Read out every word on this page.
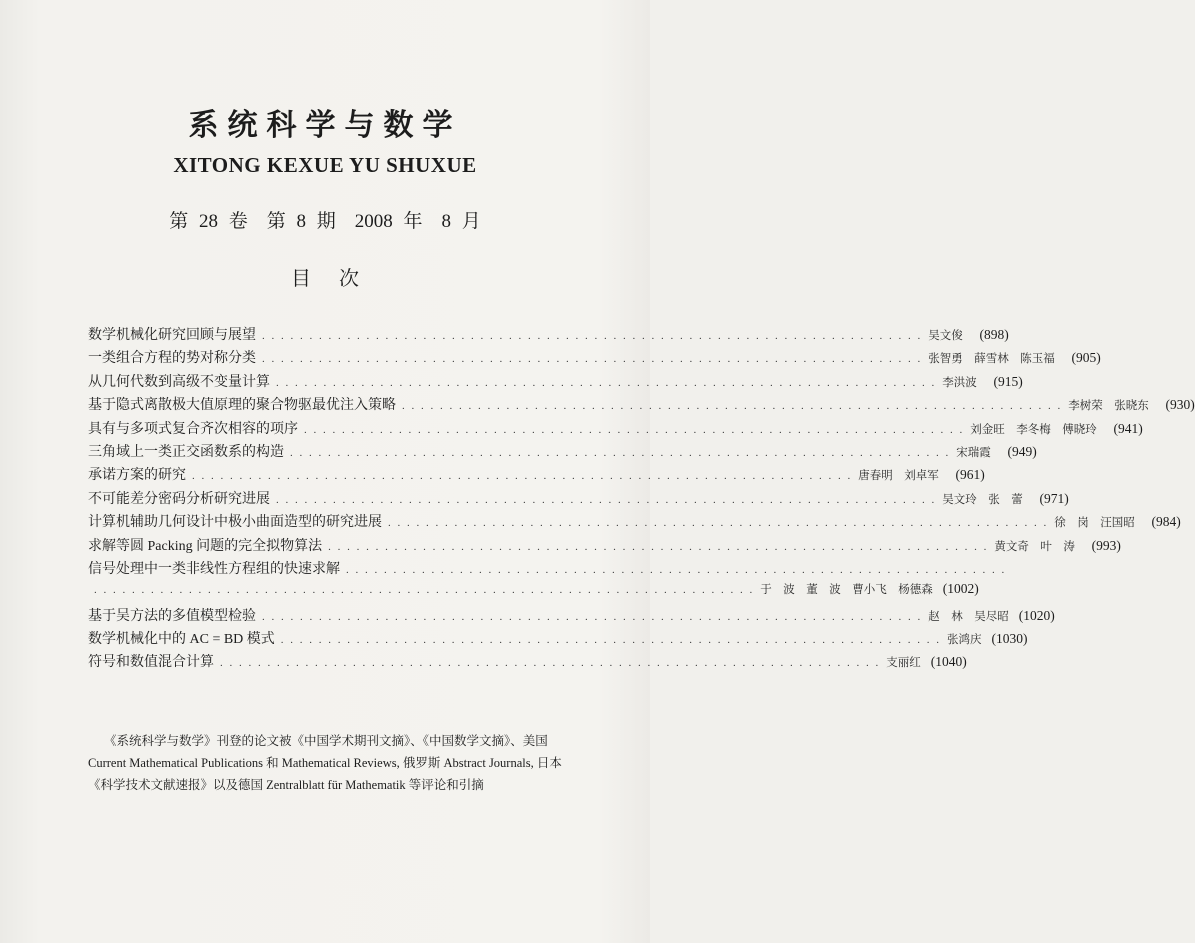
系统科学与数学
XITONG KEXUE YU SHUXUE
第 28 卷　第 8 期　2008 年　8 月
目次
数学机械化研究回顾与展望 . . . . . . . . . . . . . . . . . . . . . . . . . . . . . . . . . . . . . . . . . . . . . . . . . . . . . . . . . . . . . . . . . . . . . . 吴文俊	(898)
一类组合方程的势对称分类 . . . . . . . . . . . . . . . . . . . . . . . . . . . . . . . . . . . . . . . . . . . . . . . . . . . . . . . . . . . . . . . . . . . . . . 张智勇　薛雪林　陈玉福	(905)
从几何代数到高级不变量计算 . . . . . . . . . . . . . . . . . . . . . . . . . . . . . . . . . . . . . . . . . . . . . . . . . . . . . . . . . . . . . . . . . . . . . . 李洪波	(915)
基于隐式离散极大值原理的聚合物驱最优注入策略 . . . . . . . . . . . . . . . . . . . . . . . . . . . . . . . . . . . . . . . . . . . . . . . . . . . . . . . . . . . . . . . . . . . . . . 李树荣　张晓东	(930)
具有与多项式复合齐次相容的项序 . . . . . . . . . . . . . . . . . . . . . . . . . . . . . . . . . . . . . . . . . . . . . . . . . . . . . . . . . . . . . . . . . . . . . . 刘金旺　李冬梅　傅晓玲	(941)
三角域上一类正交函数系的构造 . . . . . . . . . . . . . . . . . . . . . . . . . . . . . . . . . . . . . . . . . . . . . . . . . . . . . . . . . . . . . . . . . . . . . . 宋瑞霞	(949)
承诺方案的研究 . . . . . . . . . . . . . . . . . . . . . . . . . . . . . . . . . . . . . . . . . . . . . . . . . . . . . . . . . . . . . . . . . . . . . . 唐春明　刘卓军	(961)
不可能差分密码分析研究进展 . . . . . . . . . . . . . . . . . . . . . . . . . . . . . . . . . . . . . . . . . . . . . . . . . . . . . . . . . . . . . . . . . . . . . . 吴文玲　张　蕾	(971)
计算机辅助几何设计中极小曲面造型的研究进展 . . . . . . . . . . . . . . . . . . . . . . . . . . . . . . . . . . . . . . . . . . . . . . . . . . . . . . . . . . . . . . . . . . . . . . 徐　岗　汪国昭	(984)
求解等圆 Packing 问题的完全拟物算法 . . . . . . . . . . . . . . . . . . . . . . . . . . . . . . . . . . . . . . . . . . . . . . . . . . . . . . . . . . . . . . . . . . . . . . 黄文奇　叶　涛	(993)
信号处理中一类非线性方程组的快速求解 . . . . . . . . . . . . . . . . . . . . . . . . . . . . . . . . . . . . . . . . . . . . . . . . . . . . . . . . . . . . . . . . . . . . . .
. . . . . . . . . . . . . . . . . . . . . . . . . . . . . . . . . . . . . . . . . . . . . . . . . . . . . . . . . . . . . . . . . . . . . . 于　波　董　波　曹小飞　杨德森 (1002)
基于吴方法的多值模型检验 . . . . . . . . . . . . . . . . . . . . . . . . . . . . . . . . . . . . . . . . . . . . . . . . . . . . . . . . . . . . . . . . . . . . . . 赵　林　吴尽昭 (1020)
数学机械化中的 AC = BD 模式 . . . . . . . . . . . . . . . . . . . . . . . . . . . . . . . . . . . . . . . . . . . . . . . . . . . . . . . . . . . . . . . . . . . . . . 张鸿庆 (1030)
符号和数值混合计算 . . . . . . . . . . . . . . . . . . . . . . . . . . . . . . . . . . . . . . . . . . . . . . . . . . . . . . . . . . . . . . . . . . . . . . 支丽红 (1040)

《系统科学与数学》刊登的论文被《中国学术期刊文摘》、《中国数学文摘》、美国

Current Mathematical Publications 和 Mathematical Reviews, 俄罗斯 Abstract Journals, 日本

《科学技术文献速报》以及德国 Zentralblatt für Mathematik 等评论和引摘
